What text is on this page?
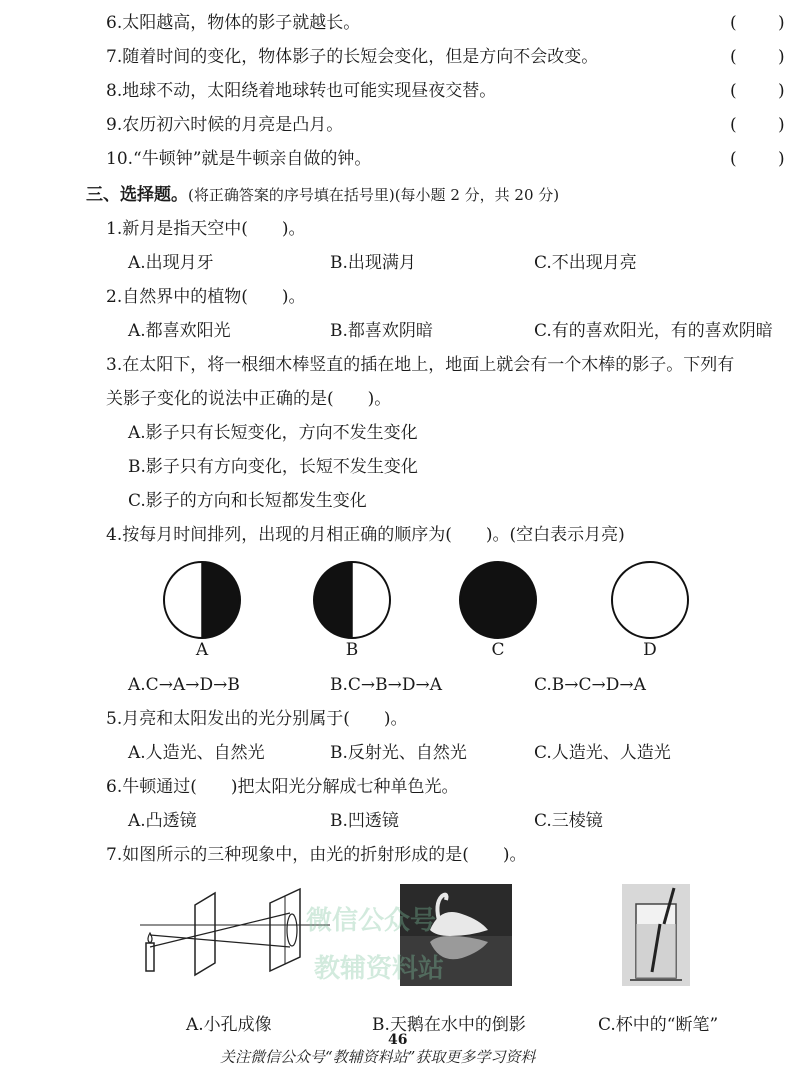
6.太阳越高，物体的影子就越长。	( )
7.随着时间的变化，物体影子的长短会变化，但是方向不会改变。	( )
8.地球不动，太阳绕着地球转也可能实现昼夜交替。	( )
9.农历初六时候的月亮是凸月。	( )
10.“牛顿钟”就是牛顿亲自做的钟。	( )
三、选择题。(将正确答案的序号填在括号里)(每小题 2 分，共 20 分)
1.新月是指天空中(　　)。
A.出现月牙	B.出现满月	C.不出现月亮
2.自然界中的植物(　　)。
A.都喜欢阳光	B.都喜欢阴暗	C.有的喜欢阳光，有的喜欢阴暗
3.在太阳下，将一根细木棒竖直的插在地上，地面上就会有一个木棒的影子。下列有
关影子变化的说法中正确的是(　　)。
A.影子只有长短变化，方向不发生变化
B.影子只有方向变化，长短不发生变化
C.影子的方向和长短都发生变化
4.按每月时间排列，出现的月相正确的顺序为(　　)。(空白表示月亮)
A	B	C	D
A.C→A→D→B	B.C→B→D→A	C.B→C→D→A
5.月亮和太阳发出的光分别属于(　　)。
A.人造光、自然光	B.反射光、自然光	C.人造光、人造光
6.牛顿通过(　　)把太阳光分解成七种单色光。
A.凸透镜	B.凹透镜	C.三棱镜
7.如图所示的三种现象中，由光的折射形成的是(　　)。
A.小孔成像	B.天鹅在水中的倒影	C.杯中的“断笔”
微信公众号
教辅资料站
46
关注微信公众号“教辅资料站”获取更多学习资料
